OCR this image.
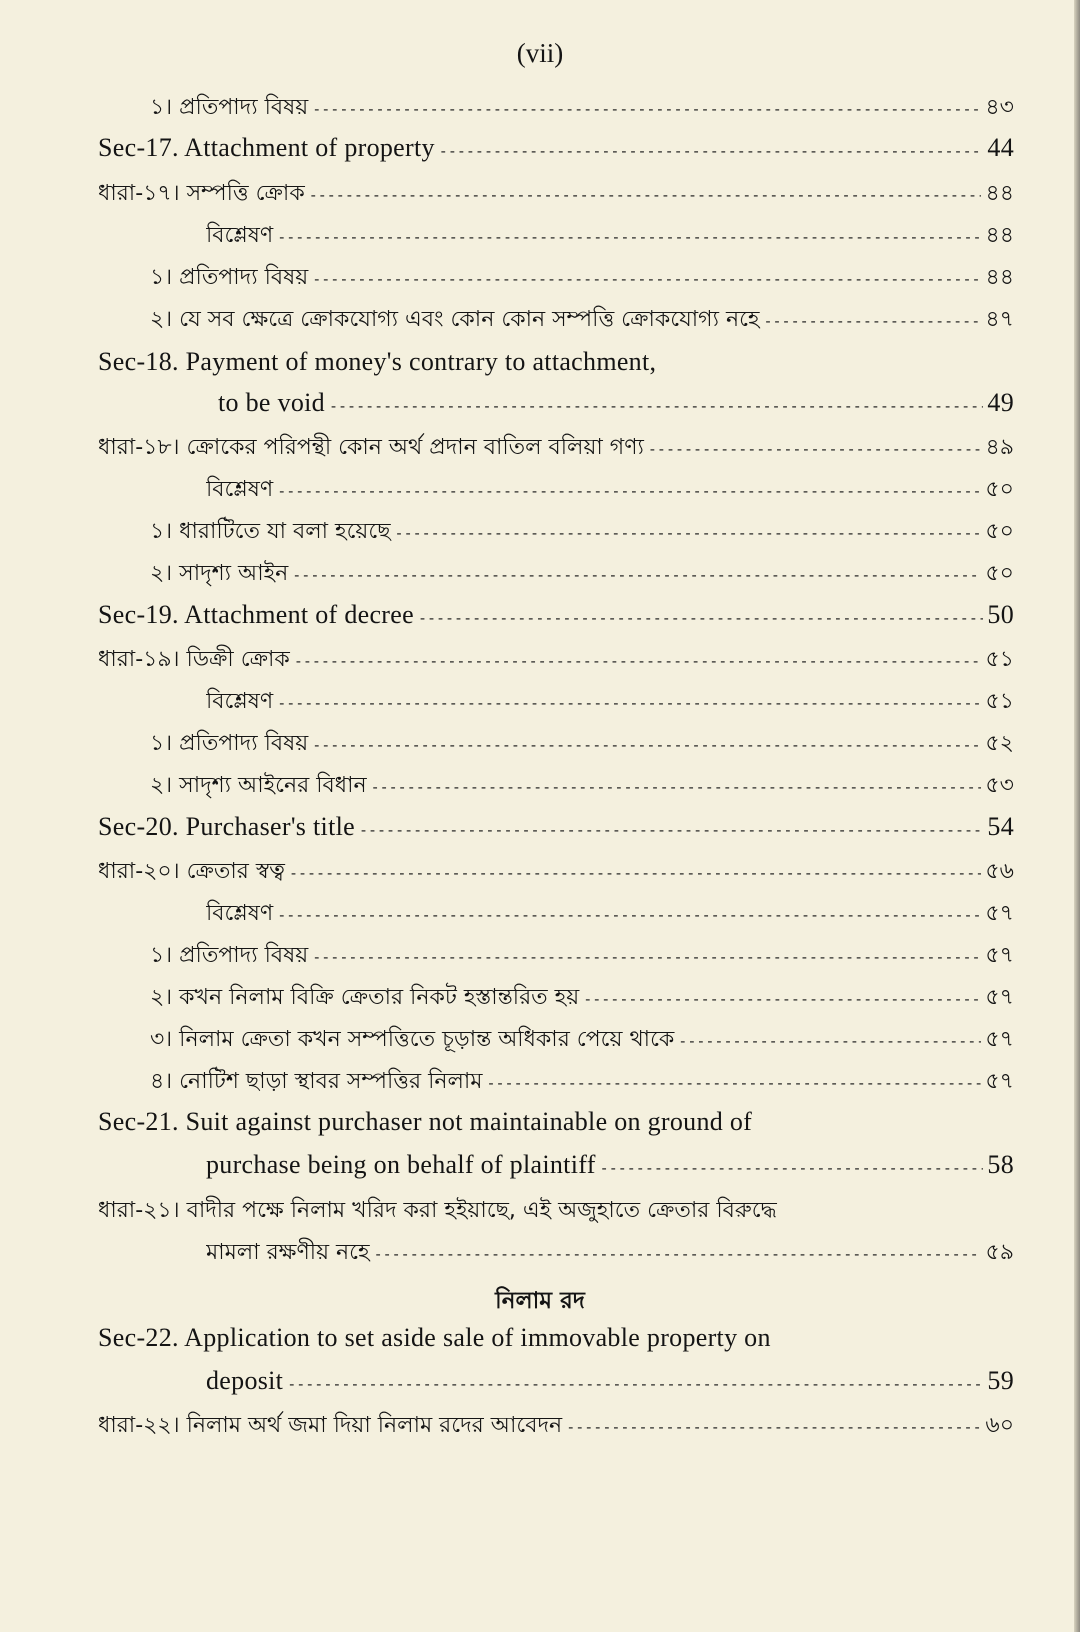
(vii)
১। প্রতিপাদ্য বিষয় -----	৪৩
Sec-17. Attachment of property -----	44
ধারা-১৭। সম্পত্তি ক্রোক -----	৪৪
বিশ্লেষণ -----	৪৪
১। প্রতিপাদ্য বিষয় -----	৪৪
২। যে সব ক্ষেত্রে ক্রোকযোগ্য এবং কোন কোন সম্পত্তি ক্রোকযোগ্য নহে -----	৪৭
Sec-18. Payment of money's contrary to attachment,
to be void -----	49
ধারা-১৮। ক্রোকের পরিপন্থী কোন অর্থ প্রদান বাতিল বলিয়া গণ্য -----	৪৯
বিশ্লেষণ -----	৫০
১। ধারাটিতে যা বলা হয়েছে -----	৫০
২। সাদৃশ্য আইন -----	৫০
Sec-19. Attachment of decree -----	50
ধারা-১৯। ডিক্রী ক্রোক -----	৫১
বিশ্লেষণ -----	৫১
১। প্রতিপাদ্য বিষয় -----	৫২
২। সাদৃশ্য আইনের বিধান -----	৫৩
Sec-20. Purchaser's title -----	54
ধারা-২০। ক্রেতার স্বত্ব -----	৫৬
বিশ্লেষণ -----	৫৭
১। প্রতিপাদ্য বিষয় -----	৫৭
২। কখন নিলাম বিক্রি ক্রেতার নিকট হস্তান্তরিত হয় -----	৫৭
৩। নিলাম ক্রেতা কখন সম্পত্তিতে চূড়ান্ত অধিকার পেয়ে থাকে -----	৫৭
৪। নোটিশ ছাড়া স্থাবর সম্পত্তির নিলাম -----	৫৭
Sec-21. Suit against purchaser not maintainable on ground of
purchase being on behalf of plaintiff -----	58
ধারা-২১। বাদীর পক্ষে নিলাম খরিদ করা হইয়াছে, এই অজুহাতে ক্রেতার বিরুদ্ধে
মামলা রক্ষণীয় নহে -----	৫৯
নিলাম রদ
Sec-22. Application to set aside sale of immovable property on
deposit -----	59
ধারা-২২। নিলাম অর্থ জমা দিয়া নিলাম রদের আবেদন -----	৬০
